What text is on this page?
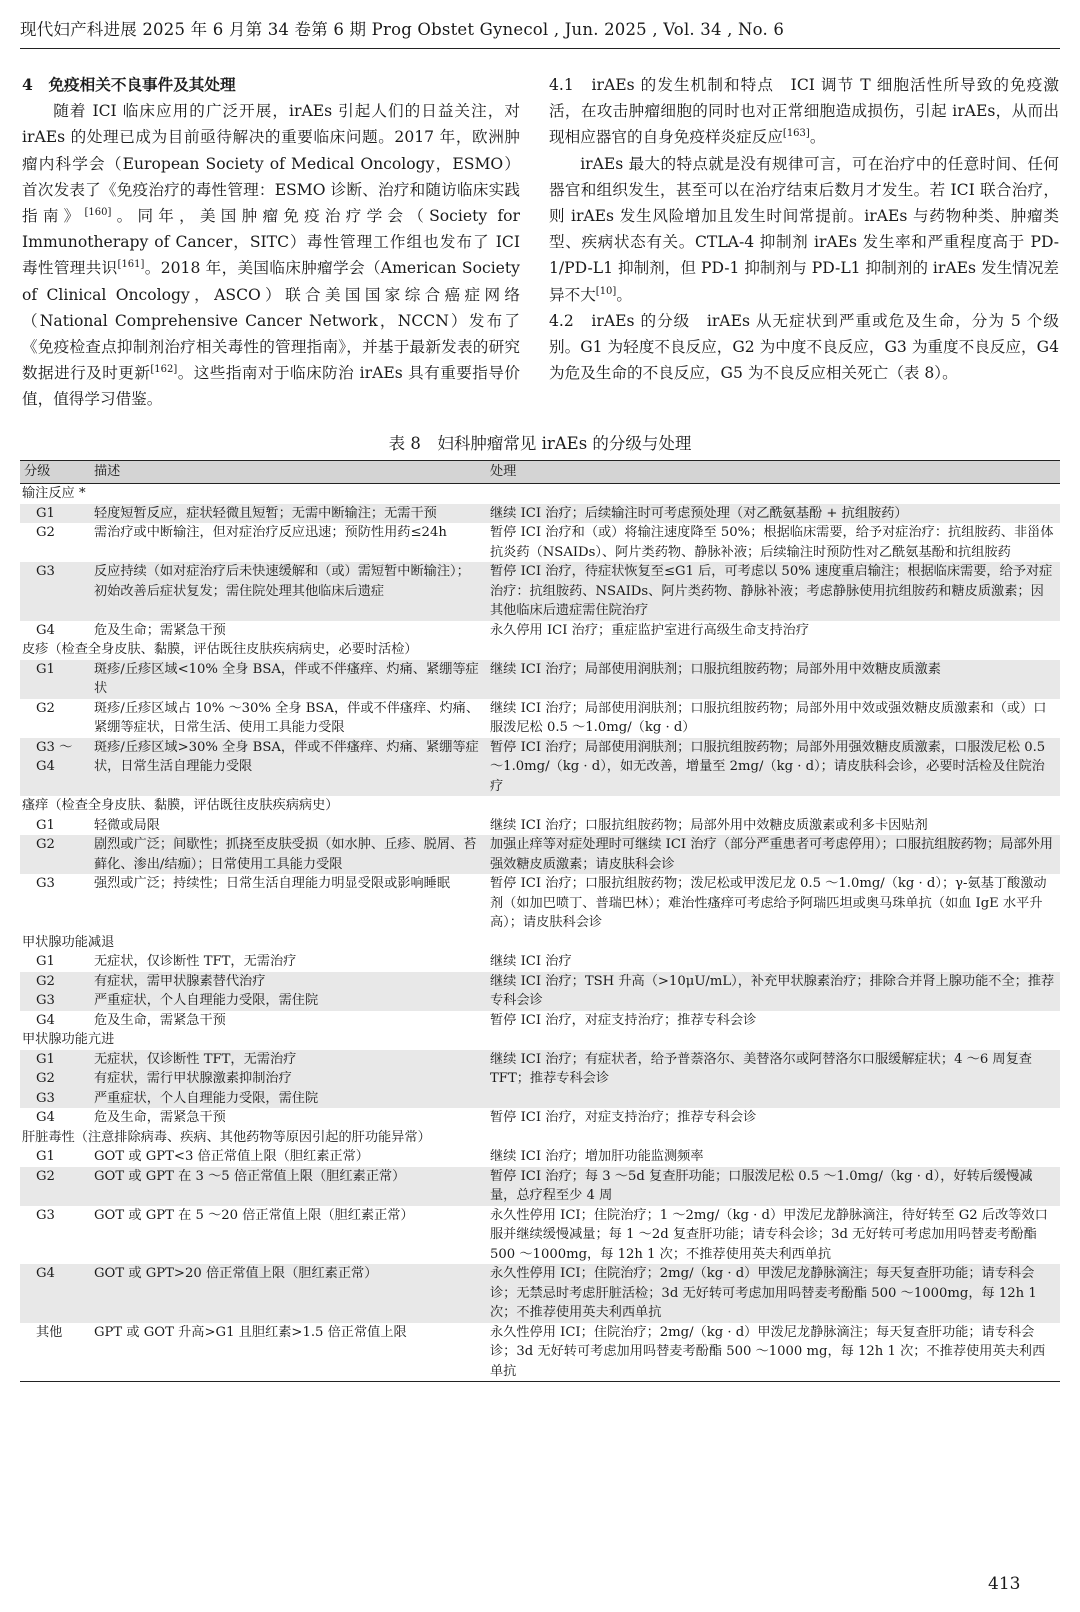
现代妇产科进展 2025 年 6 月第 34 卷第 6 期 Prog Obstet Gynecol , Jun. 2025 , Vol. 34 , No. 6

4　免疫相关不良事件及其处理

随着 ICI 临床应用的广泛开展，irAEs 引起人们的日益关注，对 irAEs 的处理已成为目前亟待解决的重要临床问题。2017 年，欧洲肿瘤内科学会（European Society of Medical Oncology，ESMO）首次发表了《免疫治疗的毒性管理：ESMO 诊断、治疗和随访临床实践指南》[160]。同年，美国肿瘤免疫治疗学会（Society for Immunotherapy of Cancer，SITC）毒性管理工作组也发布了 ICI 毒性管理共识[161]。2018 年，美国临床肿瘤学会（American Society of Clinical Oncology，ASCO）联合美国国家综合癌症网络（National Comprehensive Cancer Network，NCCN）发布了《免疫检查点抑制剂治疗相关毒性的管理指南》，并基于最新发表的研究数据进行及时更新[162]。这些指南对于临床防治 irAEs 具有重要指导价值，值得学习借鉴。

4.1　irAEs 的发生机制和特点　ICI 调节 T 细胞活性所导致的免疫激活，在攻击肿瘤细胞的同时也对正常细胞造成损伤，引起 irAEs，从而出现相应器官的自身免疫样炎症反应[163]。

irAEs 最大的特点就是没有规律可言，可在治疗中的任意时间、任何器官和组织发生，甚至可以在治疗结束后数月才发生。若 ICI 联合治疗，则 irAEs 发生风险增加且发生时间常提前。irAEs 与药物种类、肿瘤类型、疾病状态有关。CTLA-4 抑制剂 irAEs 发生率和严重程度高于 PD-1/PD-L1 抑制剂，但 PD-1 抑制剂与 PD-L1 抑制剂的 irAEs 发生情况差异不大[10]。

4.2　irAEs 的分级　irAEs 从无症状到严重或危及生命，分为 5 个级别。G1 为轻度不良反应，G2 为中度不良反应，G3 为重度不良反应，G4 为危及生命的不良反应，G5 为不良反应相关死亡（表 8）。

表 8　妇科肿瘤常见 irAEs 的分级与处理
分级	描述	处理
输注反应 *		
G1	轻度短暂反应，症状轻微且短暂；无需中断输注；无需干预	继续 ICI 治疗；后续输注时可考虑预处理（对乙酰氨基酚 + 抗组胺药）
G2	需治疗或中断输注，但对症治疗反应迅速；预防性用药≤24h	暂停 ICI 治疗和（或）将输注速度降至 50%；根据临床需要，给予对症治疗：抗组胺药、非甾体抗炎药（NSAIDs）、阿片类药物、静脉补液；后续输注时预防性对乙酰氨基酚和抗组胺药
G3	反应持续（如对症治疗后未快速缓解和（或）需短暂中断输注）；初始改善后症状复发；需住院处理其他临床后遗症	暂停 ICI 治疗，待症状恢复至≤G1 后，可考虑以 50% 速度重启输注；根据临床需要，给予对症治疗：抗组胺药、NSAIDs、阿片类药物、静脉补液；考虑静脉使用抗组胺药和糖皮质激素；因其他临床后遗症需住院治疗
G4	危及生命；需紧急干预	永久停用 ICI 治疗；重症监护室进行高级生命支持治疗
皮疹（检查全身皮肤、黏膜，评估既往皮肤疾病病史，必要时活检）		
G1	斑疹/丘疹区域<10% 全身 BSA，伴或不伴瘙痒、灼痛、紧绷等症状	继续 ICI 治疗；局部使用润肤剂；口服抗组胺药物；局部外用中效糖皮质激素
G2	斑疹/丘疹区域占 10% ～30% 全身 BSA，伴或不伴瘙痒、灼痛、紧绷等症状，日常生活、使用工具能力受限	继续 ICI 治疗；局部使用润肤剂；口服抗组胺药物；局部外用中效或强效糖皮质激素和（或）口服泼尼松 0.5 ～1.0mg/（kg · d）
G3 ～G4	斑疹/丘疹区域>30% 全身 BSA，伴或不伴瘙痒、灼痛、紧绷等症状，日常生活自理能力受限	暂停 ICI 治疗；局部使用润肤剂；口服抗组胺药物；局部外用强效糖皮质激素，口服泼尼松 0.5 ～1.0mg/（kg · d），如无改善，增量至 2mg/（kg · d）；请皮肤科会诊，必要时活检及住院治疗
瘙痒（检查全身皮肤、黏膜，评估既往皮肤疾病病史）		
G1	轻微或局限	继续 ICI 治疗；口服抗组胺药物；局部外用中效糖皮质激素或利多卡因贴剂
G2	剧烈或广泛；间歇性；抓挠至皮肤受损（如水肿、丘疹、脱屑、苔藓化、渗出/结痂）；日常使用工具能力受限	加强止痒等对症处理时可继续 ICI 治疗（部分严重患者可考虑停用）；口服抗组胺药物；局部外用强效糖皮质激素；请皮肤科会诊
G3	强烈或广泛；持续性；日常生活自理能力明显受限或影响睡眠	暂停 ICI 治疗；口服抗组胺药物；泼尼松或甲泼尼龙 0.5 ～1.0mg/（kg · d）；γ-氨基丁酸激动剂（如加巴喷丁、普瑞巴林）；难治性瘙痒可考虑给予阿瑞匹坦或奥马珠单抗（如血 IgE 水平升高）；请皮肤科会诊
甲状腺功能减退		
G1	无症状，仅诊断性 TFT，无需治疗	继续 ICI 治疗
G2	有症状，需甲状腺素替代治疗	继续 ICI 治疗；TSH 升高（>10μU/mL），补充甲状腺素治疗；排除合并肾上腺功能不全；推荐专科会诊
G3	严重症状，个人自理能力受限，需住院	
G4	危及生命，需紧急干预	暂停 ICI 治疗，对症支持治疗；推荐专科会诊
甲状腺功能亢进		
G1	无症状，仅诊断性 TFT，无需治疗	继续 ICI 治疗；有症状者，给予普萘洛尔、美替洛尔或阿替洛尔口服缓解症状；4 ～6 周复查 TFT；推荐专科会诊
G2	有症状，需行甲状腺激素抑制治疗	
G3	严重症状，个人自理能力受限，需住院	
G4	危及生命，需紧急干预	暂停 ICI 治疗，对症支持治疗；推荐专科会诊
肝脏毒性（注意排除病毒、疾病、其他药物等原因引起的肝功能异常）		
G1	GOT 或 GPT<3 倍正常值上限（胆红素正常）	继续 ICI 治疗；增加肝功能监测频率
G2	GOT 或 GPT 在 3 ～5 倍正常值上限（胆红素正常）	暂停 ICI 治疗；每 3 ～5d 复查肝功能；口服泼尼松 0.5 ～1.0mg/（kg · d），好转后缓慢减量，总疗程至少 4 周
G3	GOT 或 GPT 在 5 ～20 倍正常值上限（胆红素正常）	永久性停用 ICI；住院治疗；1 ～2mg/（kg · d）甲泼尼龙静脉滴注，待好转至 G2 后改等效口服并继续缓慢减量；每 1 ～2d 复查肝功能；请专科会诊；3d 无好转可考虑加用吗替麦考酚酯 500 ～1000mg，每 12h 1 次；不推荐使用英夫利西单抗
G4	GOT 或 GPT>20 倍正常值上限（胆红素正常）	永久性停用 ICI；住院治疗；2mg/（kg · d）甲泼尼龙静脉滴注；每天复查肝功能；请专科会诊；无禁忌时考虑肝脏活检；3d 无好转可考虑加用吗替麦考酚酯 500 ～1000mg，每 12h 1 次；不推荐使用英夫利西单抗
其他	GPT 或 GOT 升高>G1 且胆红素>1.5 倍正常值上限	永久性停用 ICI；住院治疗；2mg/（kg · d）甲泼尼龙静脉滴注；每天复查肝功能；请专科会诊；3d 无好转可考虑加用吗替麦考酚酯 500 ～1000 mg，每 12h 1 次；不推荐使用英夫利西单抗
413
